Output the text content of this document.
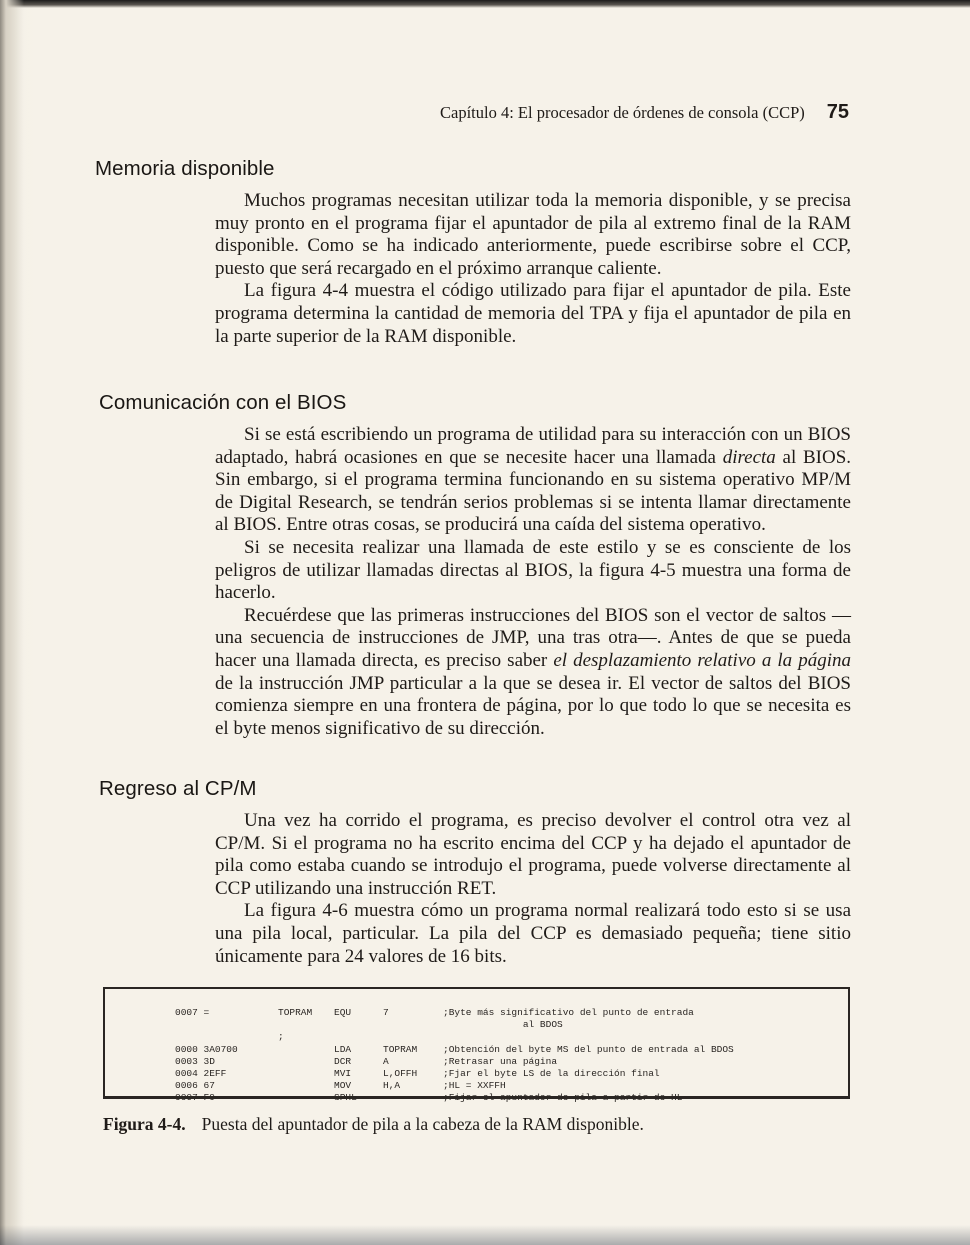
Capítulo 4: El procesador de órdenes de consola (CCP) 75
Memoria disponible

Muchos programas necesitan utilizar toda la memoria disponible, y se precisa muy pronto en el programa fijar el apuntador de pila al extremo final de la RAM disponible. Como se ha indicado anteriormente, puede escribirse sobre el CCP, puesto que será recargado en el próximo arranque caliente.

La figura 4-4 muestra el código utilizado para fijar el apuntador de pila. Este programa determina la cantidad de memoria del TPA y fija el apuntador de pila en la parte superior de la RAM disponible.

Comunicación con el BIOS

Si se está escribiendo un programa de utilidad para su interacción con un BIOS adaptado, habrá ocasiones en que se necesite hacer una llamada directa al BIOS. Sin embargo, si el programa termina funcionando en su sistema operativo MP/M de Digital Research, se tendrán serios problemas si se intenta llamar directamente al BIOS. Entre otras cosas, se producirá una caída del sistema operativo.

Si se necesita realizar una llamada de este estilo y se es consciente de los peligros de utilizar llamadas directas al BIOS, la figura 4-5 muestra una forma de hacerlo.

Recuérdese que las primeras instrucciones del BIOS son el vector de saltos —una secuencia de instrucciones de JMP, una tras otra—. Antes de que se pueda hacer una llamada directa, es preciso saber el desplazamiento relativo a la página de la instrucción JMP particular a la que se desea ir. El vector de saltos del BIOS comienza siempre en una frontera de página, por lo que todo lo que se necesita es el byte menos significativo de su dirección.

Regreso al CP/M

Una vez ha corrido el programa, es preciso devolver el control otra vez al CP/M. Si el programa no ha escrito encima del CCP y ha dejado el apuntador de pila como estaba cuando se introdujo el programa, puede volverse directamente al CCP utilizando una instrucción RET.

La figura 4-6 muestra cómo un programa normal realizará todo esto si se usa una pila local, particular. La pila del CCP es demasiado pequeña; tiene sitio únicamente para 24 valores de 16 bits.

0007 =	TOPRAM	EQU	7	;Byte más significativo del punto de entrada
al BDOS
;
0000 3A0700	LDA	TOPRAM	;Obtención del byte MS del punto de entrada al BDOS
0003 3D	DCR	A	;Retrasar una página
0004 2EFF	MVI	L,OFFH	;Fjar el byte LS de la dirección final
0006 67	MOV	H,A	;HL = XXFFH
0007 F9	SPHL	;Fijar el apuntador de pila a partir de HL
Figura 4-4. Puesta del apuntador de pila a la cabeza de la RAM disponible.
